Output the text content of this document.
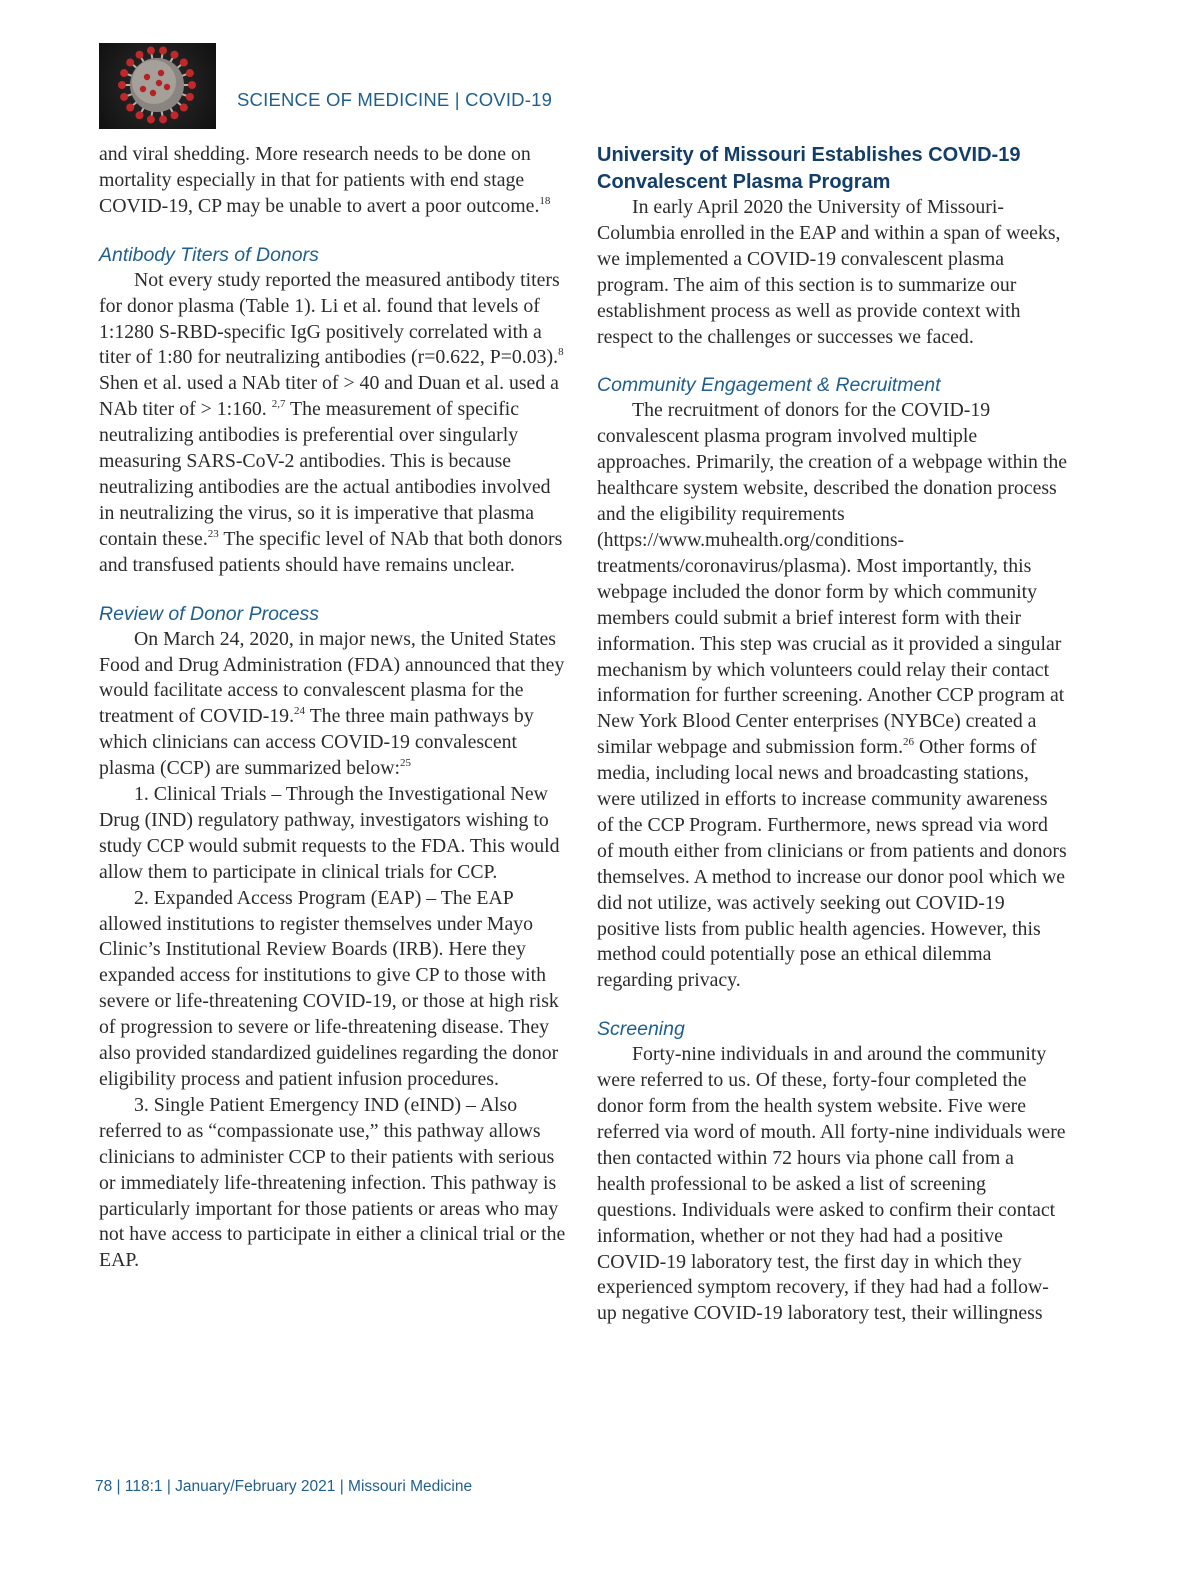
SCIENCE OF MEDICINE | COVID-19

and viral shedding. More research needs to be done on mortality especially in that for patients with end stage COVID-19, CP may be unable to avert a poor outcome.$^{18}$

Antibody Titers of Donors

Not every study reported the measured antibody titers for donor plasma (Table 1). Li et al. found that levels of 1:1280 S-RBD-specific IgG positively correlated with a titer of 1:80 for neutralizing antibodies (r=0.622, P=0.03).$^8$ Shen et al. used a NAb titer of > 40 and Duan et al. used a NAb titer of > 1:160. $^{2,7}$ The measurement of specific neutralizing antibodies is preferential over singularly measuring SARS-CoV-2 antibodies. This is because neutralizing antibodies are the actual antibodies involved in neutralizing the virus, so it is imperative that plasma contain these.$^{23}$ The specific level of NAb that both donors and transfused patients should have remains unclear.

Review of Donor Process

On March 24, 2020, in major news, the United States Food and Drug Administration (FDA) announced that they would facilitate access to convalescent plasma for the treatment of COVID-19.24 The three main pathways by which clinicians can access COVID-19 convalescent plasma (CCP) are summarized below:$^{25}$

1. Clinical Trials – Through the Investigational New Drug (IND) regulatory pathway, investigators wishing to study CCP would submit requests to the FDA. This would allow them to participate in clinical trials for CCP.

2. Expanded Access Program (EAP) – The EAP allowed institutions to register themselves under Mayo Clinic’s Institutional Review Boards (IRB). Here they expanded access for institutions to give CP to those with severe or life-threatening COVID-19, or those at high risk of progression to severe or life-threatening disease. They also provided standardized guidelines regarding the donor eligibility process and patient infusion procedures.

3. Single Patient Emergency IND (eIND) – Also referred to as “compassionate use,” this pathway allows clinicians to administer CCP to their patients with serious or immediately life-threatening infection. This pathway is particularly important for those patients or areas who may not have access to participate in either a clinical trial or the EAP.

University of Missouri Establishes COVID-19 Convalescent Plasma Program

In early April 2020 the University of Missouri-Columbia enrolled in the EAP and within a span of weeks, we implemented a COVID-19 convalescent plasma program. The aim of this section is to summarize our establishment process as well as provide context with respect to the challenges or successes we faced.

Community Engagement & Recruitment

The recruitment of donors for the COVID-19 convalescent plasma program involved multiple approaches. Primarily, the creation of a webpage within the healthcare system website, described the donation process and the eligibility requirements (https://www.muhealth.org/conditions-treatments/coronavirus/plasma). Most importantly, this webpage included the donor form by which community members could submit a brief interest form with their information. This step was crucial as it provided a singular mechanism by which volunteers could relay their contact information for further screening. Another CCP program at New York Blood Center enterprises (NYBCe) created a similar webpage and submission form.$^{26}$ Other forms of media, including local news and broadcasting stations, were utilized in efforts to increase community awareness of the CCP Program. Furthermore, news spread via word of mouth either from clinicians or from patients and donors themselves. A method to increase our donor pool which we did not utilize, was actively seeking out COVID-19 positive lists from public health agencies. However, this method could potentially pose an ethical dilemma regarding privacy.

Screening

Forty-nine individuals in and around the community were referred to us. Of these, forty-four completed the donor form from the health system website. Five were referred via word of mouth. All forty-nine individuals were then contacted within 72 hours via phone call from a health professional to be asked a list of screening questions. Individuals were asked to confirm their contact information, whether or not they had had a positive COVID-19 laboratory test, the first day in which they experienced symptom recovery, if they had had a follow-up negative COVID-19 laboratory test, their willingness

78 | 118:1 | January/February 2021 | Missouri Medicine
